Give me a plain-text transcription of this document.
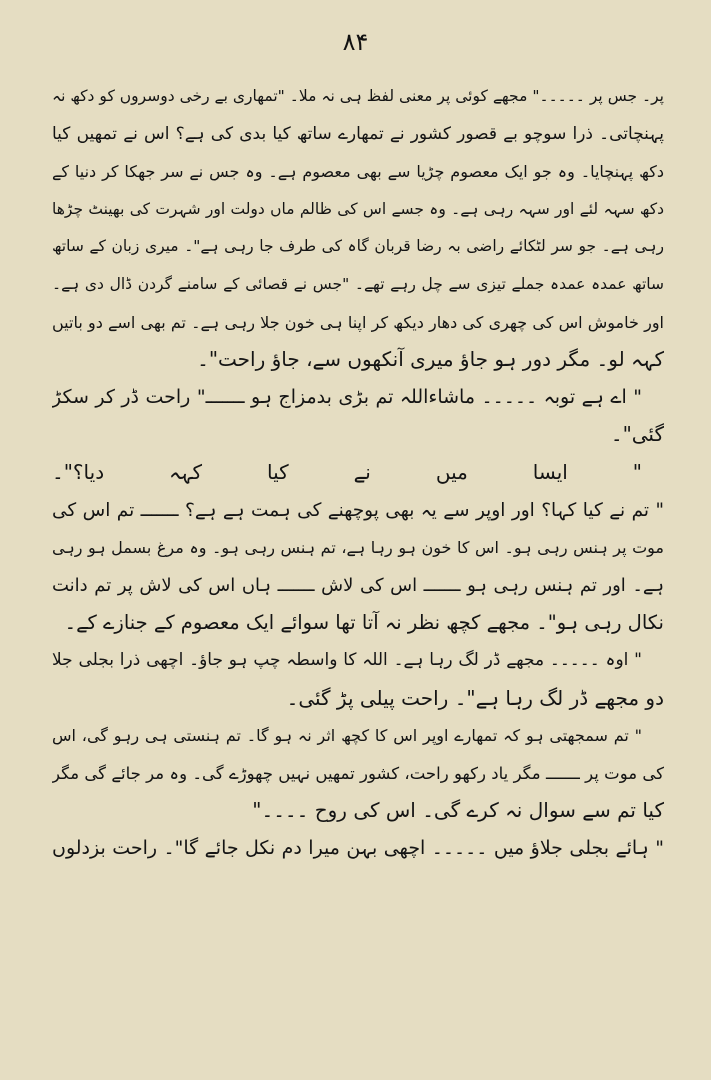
۸۴
پر۔ جس پر ۔۔۔۔۔" مجھے کوئی پر معنی لفظ ہی نہ ملا۔ "تمھاری بے رخی دوسروں کو دکھ نہ
پہنچاتی۔ ذرا سوچو بے قصور کشور نے تمھارے ساتھ کیا بدی کی ہے؟ اس نے تمھیں کیا
دکھ پہنچایا۔ وہ جو ایک معصوم چڑیا سے بھی معصوم ہے۔ وہ جس نے سر جھکا کر دنیا کے
دکھ سہہ لئے اور سہہ رہی ہے۔ وہ جسے اس کی ظالم ماں دولت اور شہرت کی بھینٹ چڑھا
رہی ہے۔ جو سر لٹکائے راضی بہ رضا قربان گاہ کی طرف جا رہی ہے"۔ میری زبان کے ساتھ
ساتھ عمدہ عمدہ جملے تیزی سے چل رہے تھے۔ "جس نے قصائی کے سامنے گردن ڈال دی ہے۔
اور خاموش اس کی چھری کی دھار دیکھ کر اپنا ہی خون جلا رہی ہے۔ تم بھی اسے دو باتیں
کہہ لو۔ مگر دور ہو جاؤ میری آنکھوں سے، جاؤ راحت"۔
" اے ہے توبہ ۔۔۔۔۔ ماشاءاللہ تم بڑی بدمزاج ہو ـــــــ" راحت ڈر کر سکڑ
گئی"۔
" ایسا میں نے کیا کہہ دیا؟"۔
" تم نے کیا کہا؟ اور اوپر سے یہ بھی پوچھنے کی ہمت ہے ہے؟ ـــــــ تم اس کی
موت پر ہنس رہی ہو۔ اس کا خون ہو رہا ہے، تم ہنس رہی ہو۔ وہ مرغ بسمل ہو رہی
ہے۔ اور تم ہنس رہی ہو ـــــــ اس کی لاش ـــــــ ہاں اس کی لاش پر تم دانت
نکال رہی ہو"۔ مجھے کچھ نظر نہ آتا تھا سوائے ایک معصوم کے جنازے کے۔
" اوہ ۔۔۔۔۔ مجھے ڈر لگ رہا ہے۔ اللہ کا واسطہ چپ ہو جاؤ۔ اچھی ذرا بجلی جلا
دو مجھے ڈر لگ رہا ہے"۔ راحت پیلی پڑ گئی۔
" تم سمجھتی ہو کہ تمھارے اوپر اس کا کچھ اثر نہ ہو گا۔ تم ہنستی ہی رہو گی، اس
کی موت پر ـــــــ مگر یاد رکھو راحت، کشور تمھیں نہیں چھوڑے گی۔ وہ مر جائے گی مگر
کیا تم سے سوال نہ کرے گی۔ اس کی روح ۔۔۔۔"
" ہائے بجلی جلاؤ میں ۔۔۔۔۔ اچھی بہن میرا دم نکل جائے گا"۔ راحت بزدلوں
